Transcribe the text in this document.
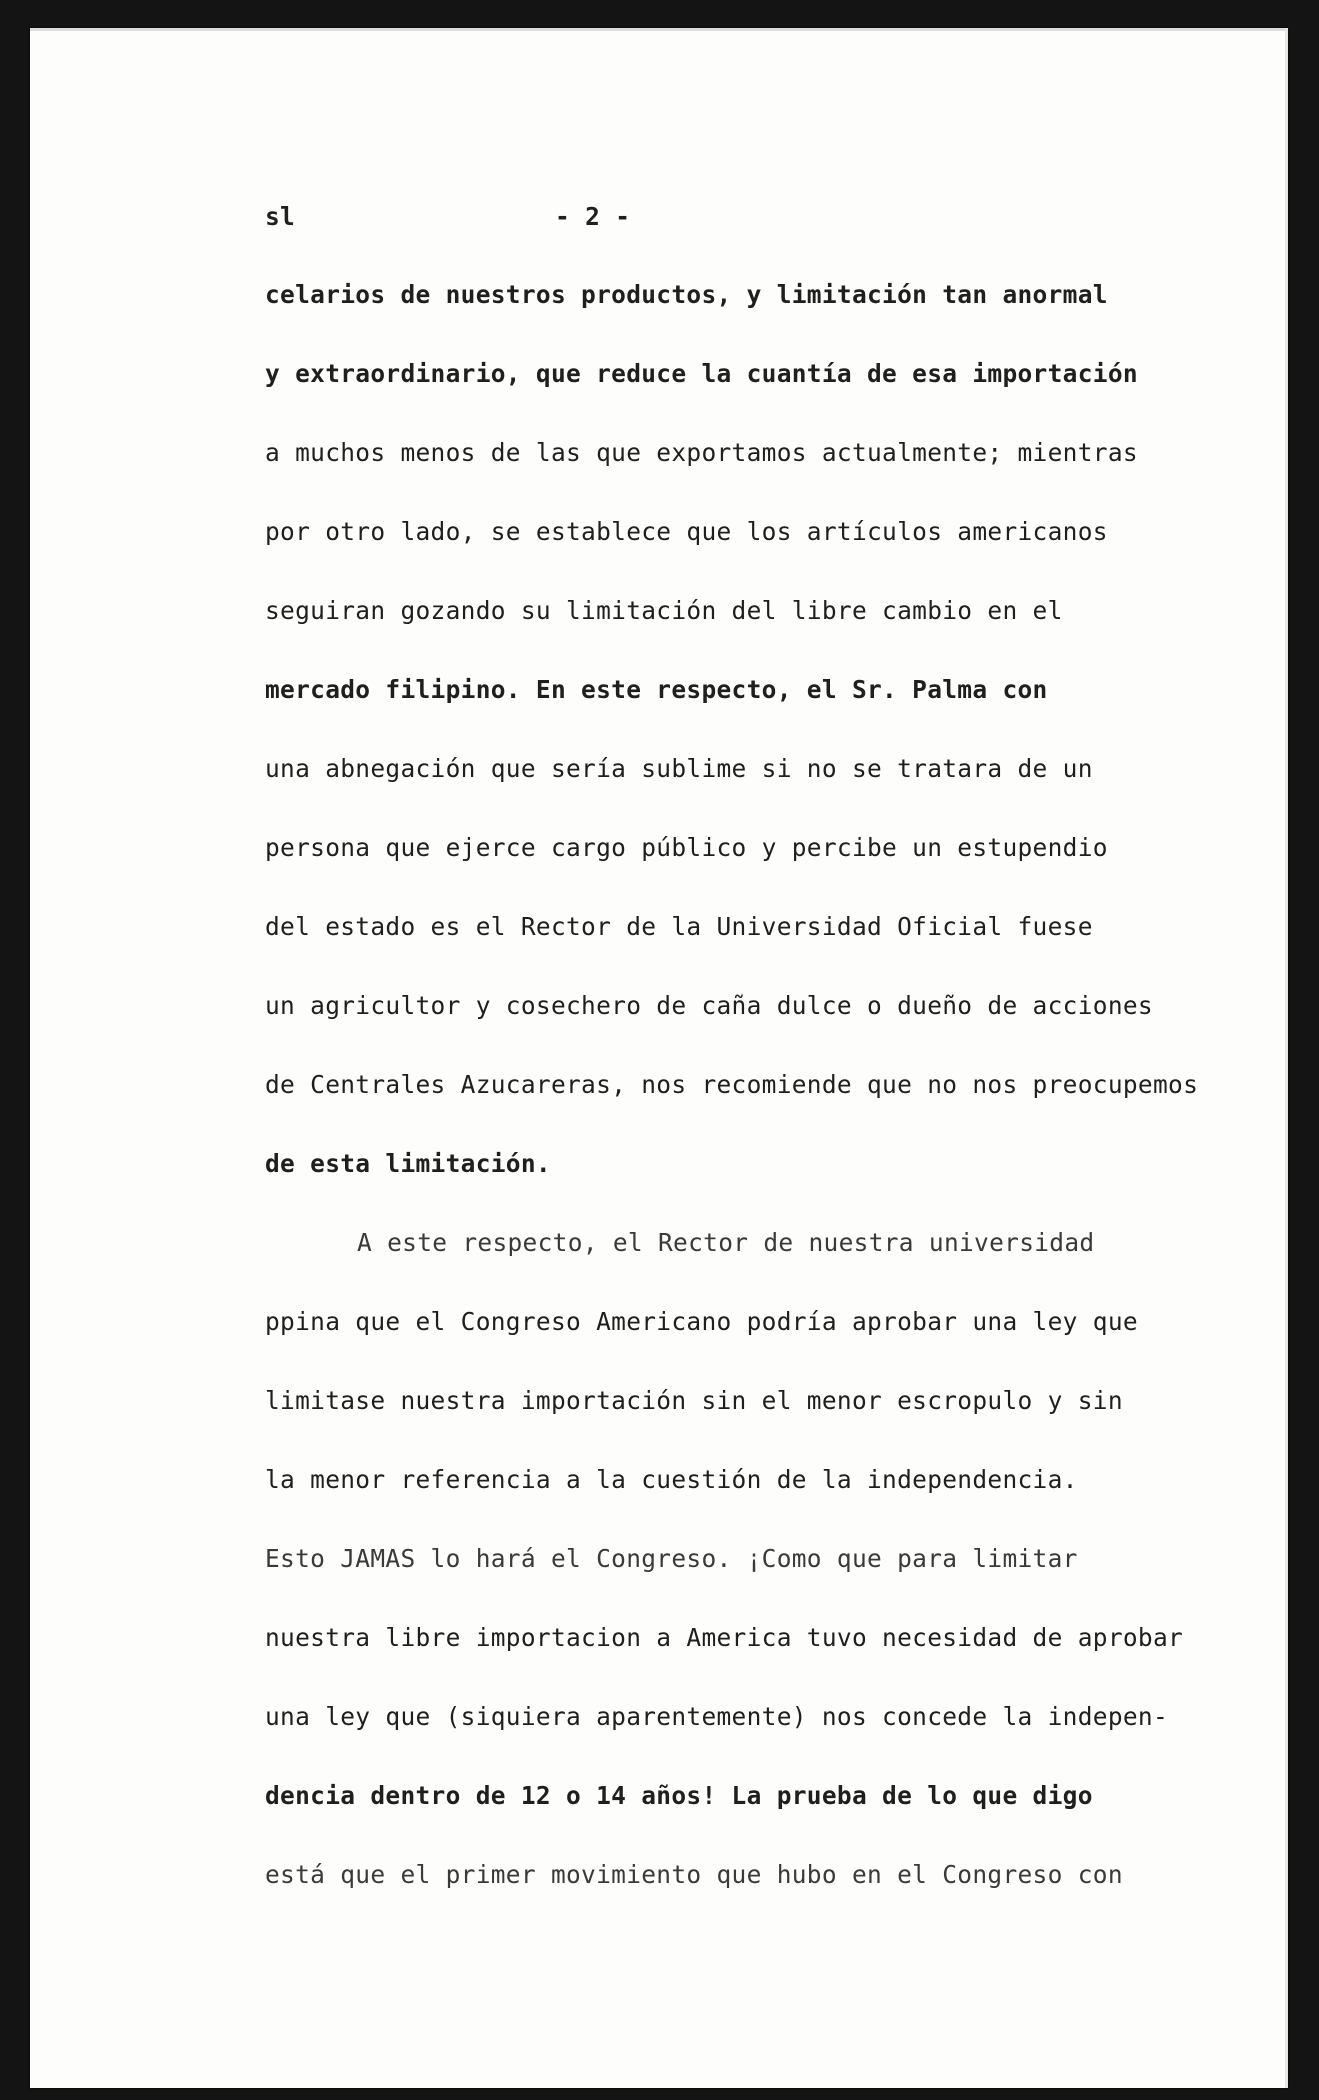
sl	- 2 -
celarios de nuestros productos, y limitación tan anormal
y extraordinario, que reduce la cuantía de esa importación
a muchos menos de las que exportamos actualmente; mientras
por otro lado, se establece que los artículos americanos
seguiran gozando su limitación del libre cambio en el
mercado filipino. En este respecto, el Sr. Palma con
una abnegación que sería sublime si no se tratara de un
persona que ejerce cargo público y percibe un estupendio
del estado es el Rector de la Universidad Oficial fuese
un agricultor y cosechero de caña dulce o dueño de acciones
de Centrales Azucareras, nos recomiende que no nos preocupemos
de esta limitación.
A este respecto, el Rector de nuestra universidad
ppina que el Congreso Americano podría aprobar una ley que
limitase nuestra importación sin el menor escropulo y sin
la menor referencia a la cuestión de la independencia.
Esto JAMAS lo hará el Congreso. ¡Como que para limitar
nuestra libre importacion a America tuvo necesidad de aprobar
una ley que (siquiera aparentemente) nos concede la indepen-
dencia dentro de 12 o 14 años! La prueba de lo que digo
está que el primer movimiento que hubo en el Congreso con
